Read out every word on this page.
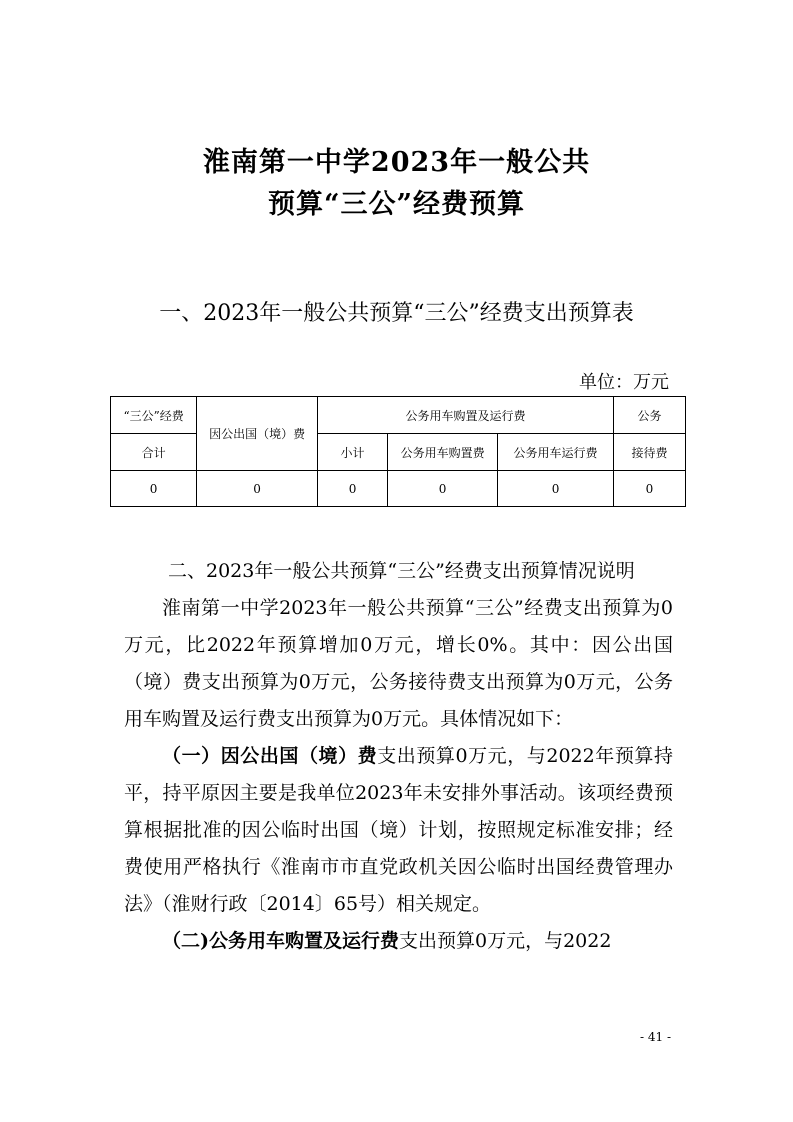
淮南第一中学2023年一般公共
预算“三公”经费预算
一、2023年一般公共预算“三公”经费支出预算表
单位：万元
“三公”经费	因公出国（境）费	公务用车购置及运行费			公务
合计		小计	公务用车购置费	公务用车运行费	接待费
0	0	0	0	0	0
二、2023年一般公共预算“三公”经费支出预算情况说明

淮南第一中学2023年一般公共预算“三公”经费支出预算为0万元，比2022年预算增加0万元，增长0%。其中：因公出国（境）费支出预算为0万元，公务接待费支出预算为0万元，公务用车购置及运行费支出预算为0万元。具体情况如下：

（一）因公出国（境）费支出预算0万元，与2022年预算持平，持平原因主要是我单位2023年未安排外事活动。该项经费预算根据批准的因公临时出国（境）计划，按照规定标准安排；经费使用严格执行《淮南市市直党政机关因公临时出国经费管理办法》（淮财行政〔2014〕65号）相关规定。

（二)公务用车购置及运行费支出预算0万元，与2022

- 41 -
